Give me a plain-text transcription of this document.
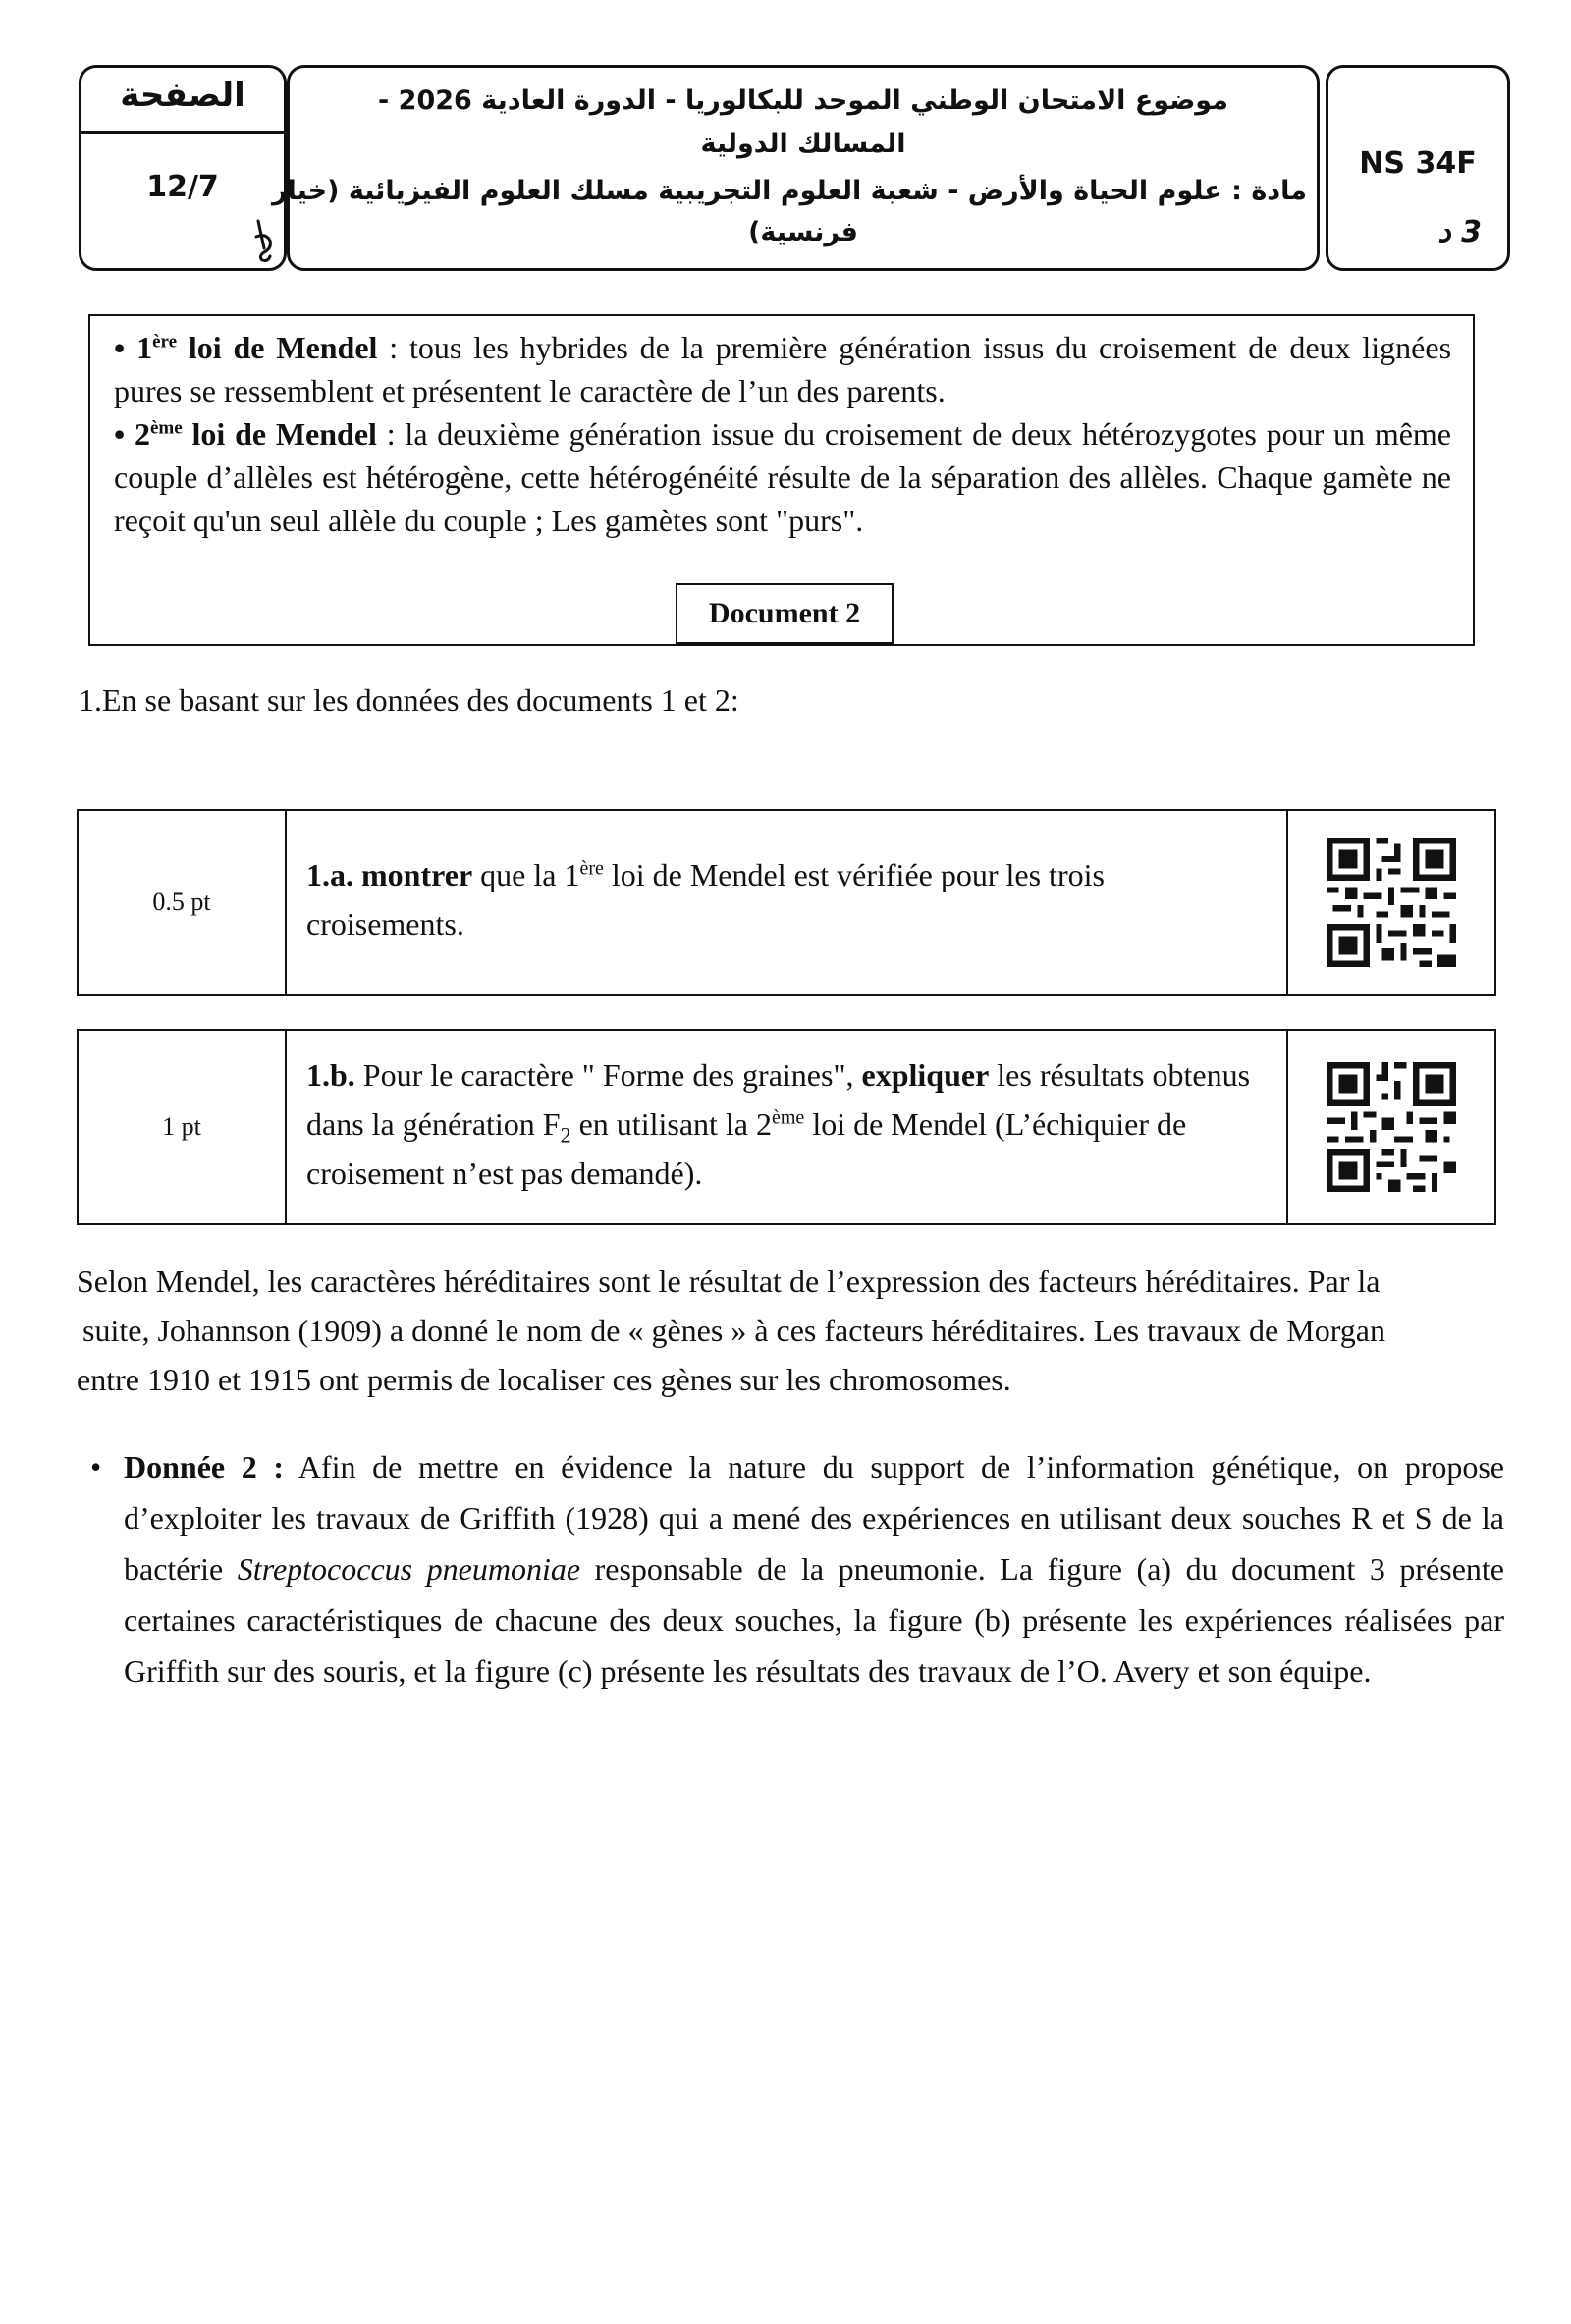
الصفحة
12/7
موضوع الامتحان الوطني الموحد للبكالوريا - الدورة العادية 2026 -
المسالك الدولية
مادة : علوم الحياة والأرض - شعبة العلوم التجريبية مسلك العلوم الفيزيائية (خيار
فرنسية)
NS 34F
3 د
• 1ère loi de Mendel : tous les hybrides de la première génération issus du croisement de deux lignées pures se ressemblent et présentent le caractère de l’un des parents.
• 2ème loi de Mendel : la deuxième génération issue du croisement de deux hétérozygotes pour un même couple d’allèles est hétérogène, cette hétérogénéité résulte de la séparation des allèles. Chaque gamète ne reçoit qu'un seul allèle du couple ; Les gamètes sont "purs".
Document 2
1.En se basant sur les données des documents 1 et 2:
0.5 pt
1.a. montrer que la 1ère loi de Mendel est vérifiée pour les trois croisements.
1 pt
1.b. Pour le caractère " Forme des graines", expliquer les résultats obtenus dans la génération $F_2$ en utilisant la 2ème loi de Mendel (L’échiquier de croisement n’est pas demandé).
Selon Mendel, les caractères héréditaires sont le résultat de l’expression des facteurs héréditaires. Par la
suite, Johannson (1909) a donné le nom de « gènes » à ces facteurs héréditaires. Les travaux de Morgan
entre 1910 et 1915 ont permis de localiser ces gènes sur les chromosomes.
• Donnée 2 : Afin de mettre en évidence la nature du support de l’information génétique, on propose d’exploiter les travaux de Griffith (1928) qui a mené des expériences en utilisant deux souches R et S de la bactérie Streptococcus pneumoniae responsable de la pneumonie. La figure (a) du document 3 présente certaines caractéristiques de chacune des deux souches, la figure (b) présente les expériences réalisées par Griffith sur des souris, et la figure (c) présente les résultats des travaux de l’O. Avery et son équipe.
